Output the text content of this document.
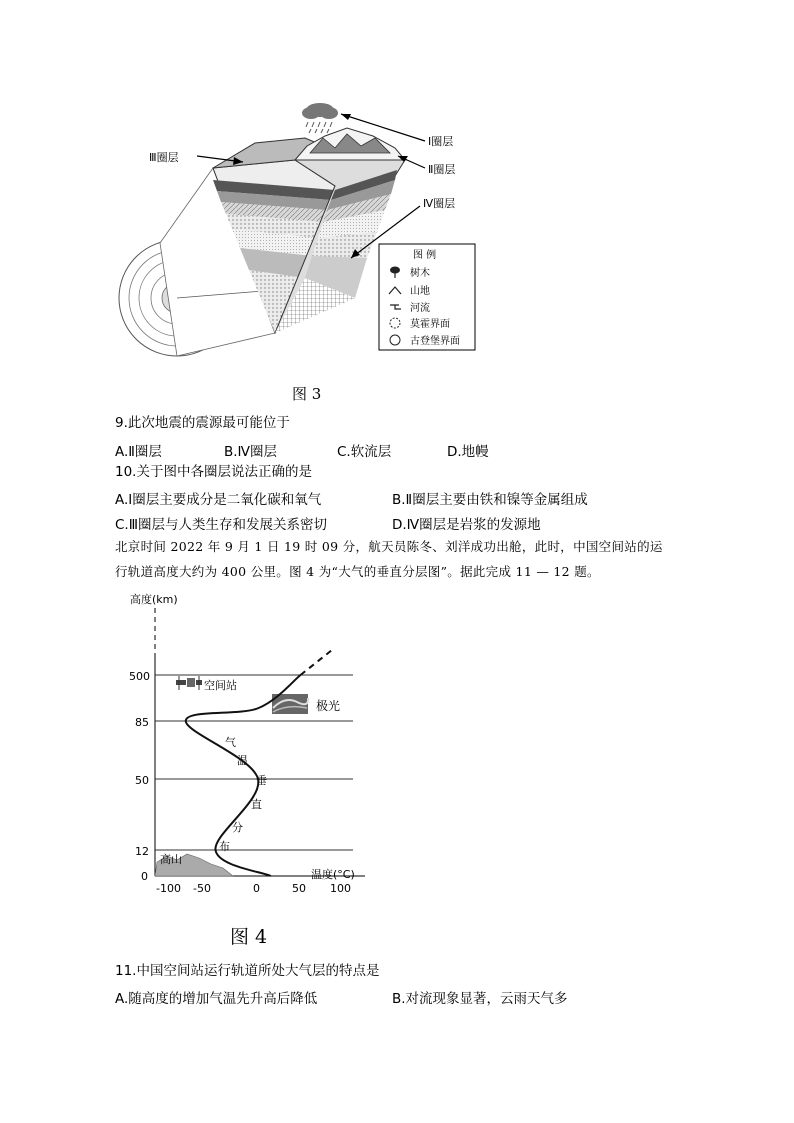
Ⅰ圈层
Ⅱ圈层
Ⅲ圈层
Ⅳ圈层
图 例
树木
山地
河流
莫霍界面
古登堡界面
图 3
9.此次地震的震源最可能位于
A.Ⅱ圈层	B.Ⅳ圈层	C.软流层	D.地幔
10.关于图中各圈层说法正确的是
A.Ⅰ圈层主要成分是二氧化碳和氧气	B.Ⅱ圈层主要由铁和镍等金属组成
C.Ⅲ圈层与人类生存和发展关系密切	D.Ⅳ圈层是岩浆的发源地
北京时间 2022 年 9 月 1 日 19 时 09 分，航天员陈冬、刘洋成功出舱，此时，中国空间站的运
行轨道高度大约为 400 公里。图 4 为“大气的垂直分层图”。据此完成 11 — 12 题。
高度(km)
温度(°C)
500
85
50
12
0
-100 -50	0	50 100
高山
空间站
极光
气
温
垂
直
分
布
图 4
11.中国空间站运行轨道所处大气层的特点是
A.随高度的增加气温先升高后降低	B.对流现象显著，云雨天气多
